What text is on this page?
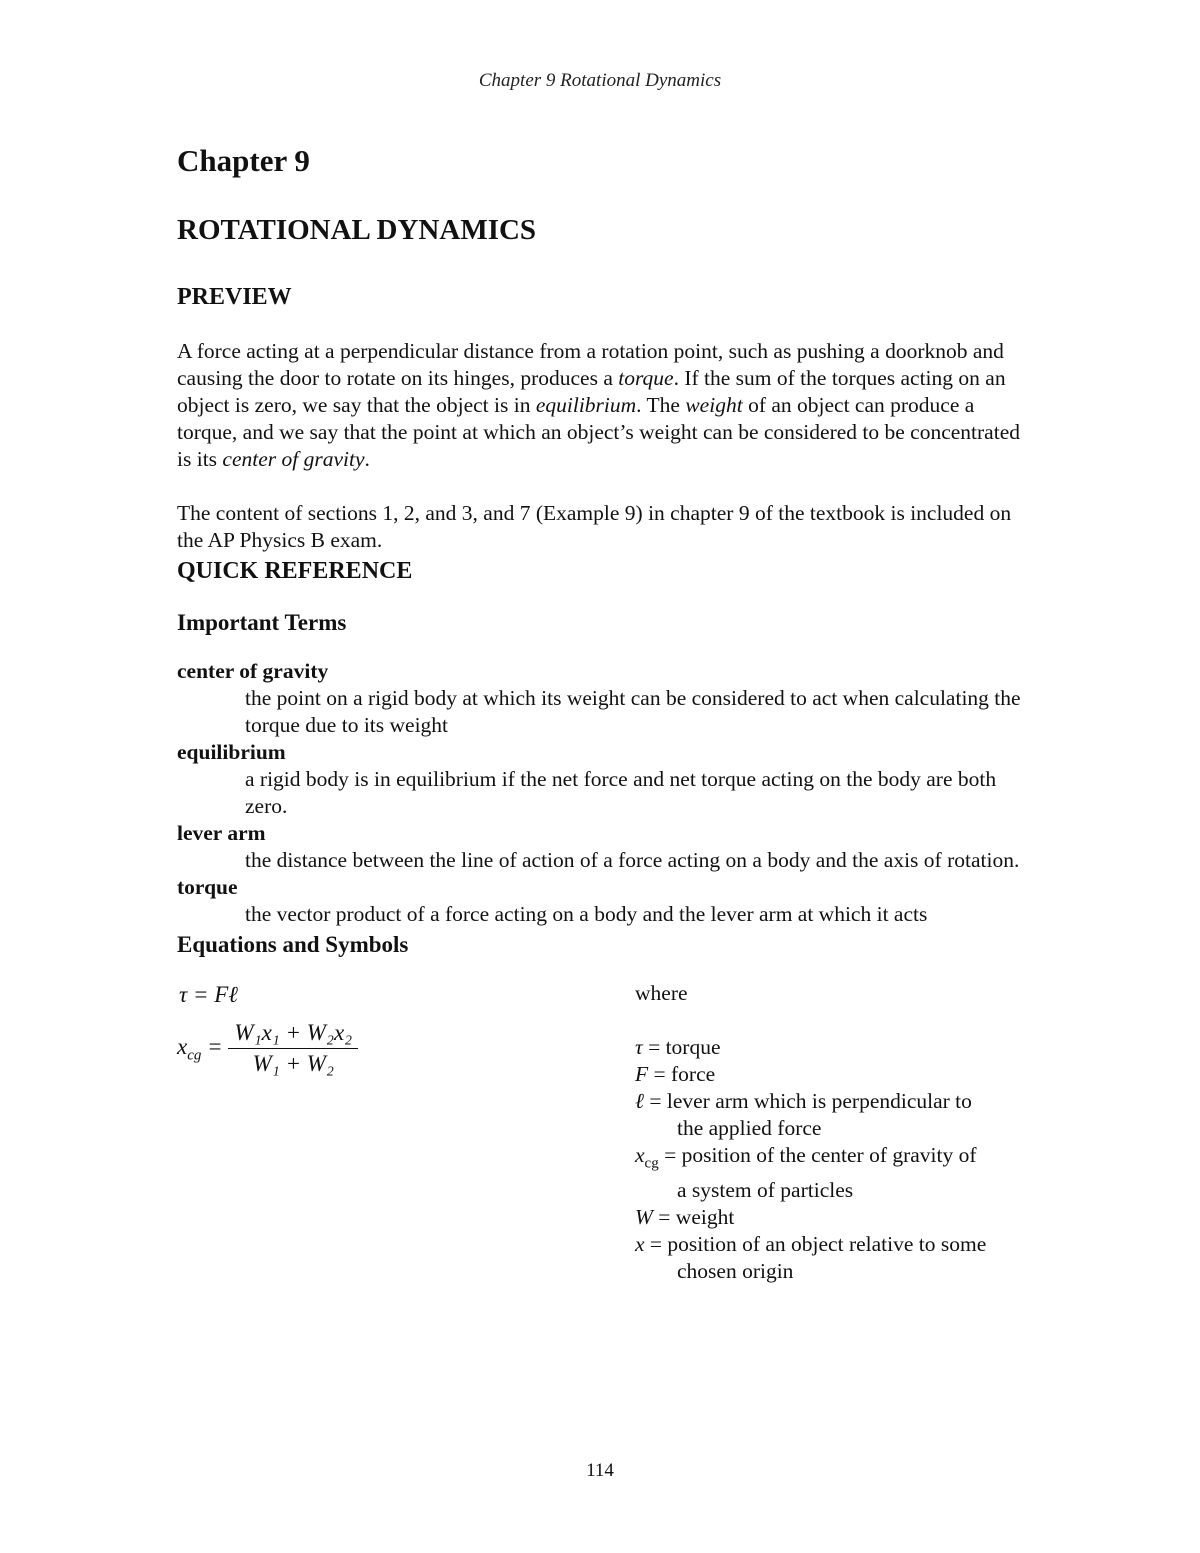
Chapter 9 Rotational Dynamics
Chapter 9
ROTATIONAL DYNAMICS
PREVIEW

A force acting at a perpendicular distance from a rotation point, such as pushing a doorknob and causing the door to rotate on its hinges, produces a torque. If the sum of the torques acting on an object is zero, we say that the object is in equilibrium. The weight of an object can produce a torque, and we say that the point at which an object’s weight can be considered to be concentrated is its center of gravity.

The content of sections 1, 2, and 3, and 7 (Example 9) in chapter 9 of the textbook is included on the AP Physics B exam.

QUICK REFERENCE
Important Terms

center of gravity

the point on a rigid body at which its weight can be considered to act when calculating the torque due to its weight

equilibrium

a rigid body is in equilibrium if the net force and net torque acting on the body are both zero.

lever arm

the distance between the line of action of a force acting on a body and the axis of rotation.

torque

the vector product of a force acting on a body and the lever arm at which it acts

Equations and Symbols
τ = Fℓ
$x_{cg} = \frac{\text{W₁x₁ + W₂x₂}}{\text{W₁ + W₂}}$

where

τ = torque

F = force

ℓ = lever arm which is perpendicular to

the applied force

$x_{cg}$ = position of the center of gravity of

a system of particles

W = weight

x = position of an object relative to some

chosen origin

114
